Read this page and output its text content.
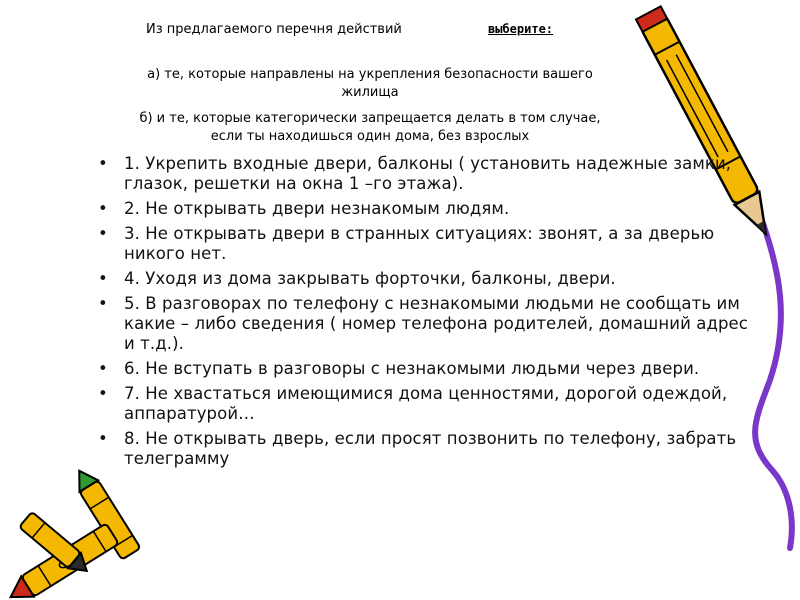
Из предлагаемого перечня действий	выберите:
а) те, которые направлены на укрепления безопасности вашего
жилища
б) и те, которые категорически запрещается делать в том случае,
если ты находишься один дома, без взрослых
• 1. Укрепить входные двери, балконы ( установить надежные замки, глазок, решетки на окна 1 –го этажа).
• 2. Не открывать двери незнакомым людям.
• 3. Не открывать двери в странных ситуациях: звонят, а за дверью никого нет.
• 4. Уходя из дома закрывать форточки, балконы, двери.
• 5. В разговорах по телефону с незнакомыми людьми не сообщать им какие – либо сведения ( номер телефона родителей, домашний адрес и т.д.).
• 6. Не вступать в разговоры с незнакомыми людьми через двери.
• 7. Не хвастаться имеющимися дома ценностями, дорогой одеждой, аппаратурой…
• 8. Не открывать дверь, если просят позвонить по телефону, забрать телеграмму
